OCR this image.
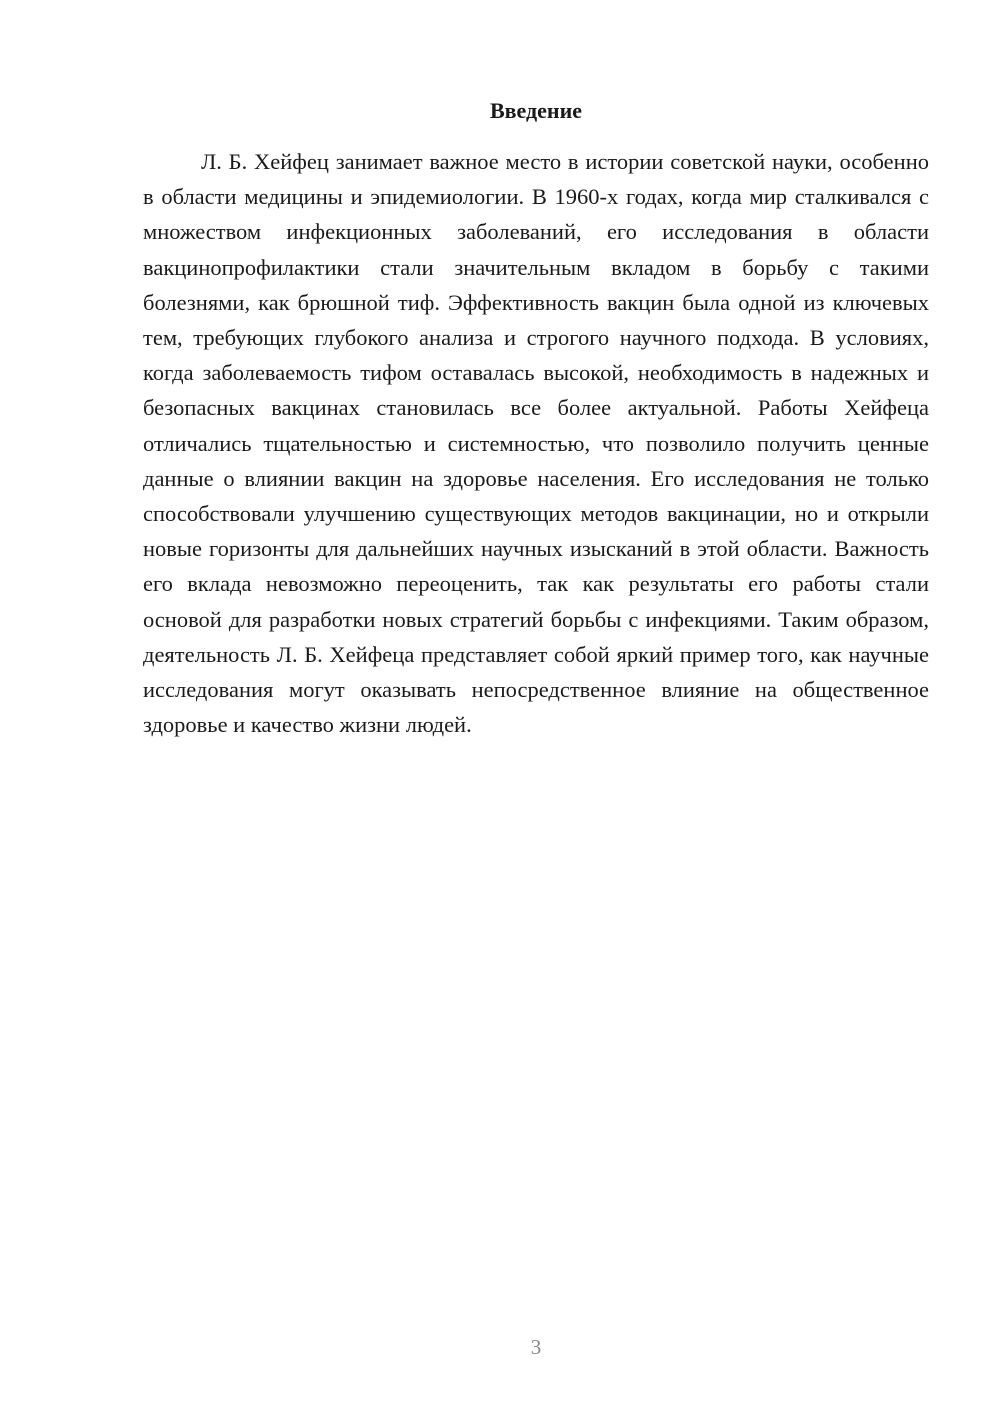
Введение

Л. Б. Хейфец занимает важное место в истории советской науки, особенно в области медицины и эпидемиологии. В 1960-х годах, когда мир сталкивался с множеством инфекционных заболеваний, его исследования в области вакцинопрофилактики стали значительным вкладом в борьбу с такими болезнями, как брюшной тиф. Эффективность вакцин была одной из ключевых тем, требующих глубокого анализа и строгого научного подхода. В условиях, когда заболеваемость тифом оставалась высокой, необходимость в надежных и безопасных вакцинах становилась все более актуальной. Работы Хейфеца отличались тщательностью и системностью, что позволило получить ценные данные о влиянии вакцин на здоровье населения. Его исследования не только способствовали улучшению существующих методов вакцинации, но и открыли новые горизонты для дальнейших научных изысканий в этой области. Важность его вклада невозможно переоценить, так как результаты его работы стали основой для разработки новых стратегий борьбы с инфекциями. Таким образом, деятельность Л. Б. Хейфеца представляет собой яркий пример того, как научные исследования могут оказывать непосредственное влияние на общественное здоровье и качество жизни людей.

3
